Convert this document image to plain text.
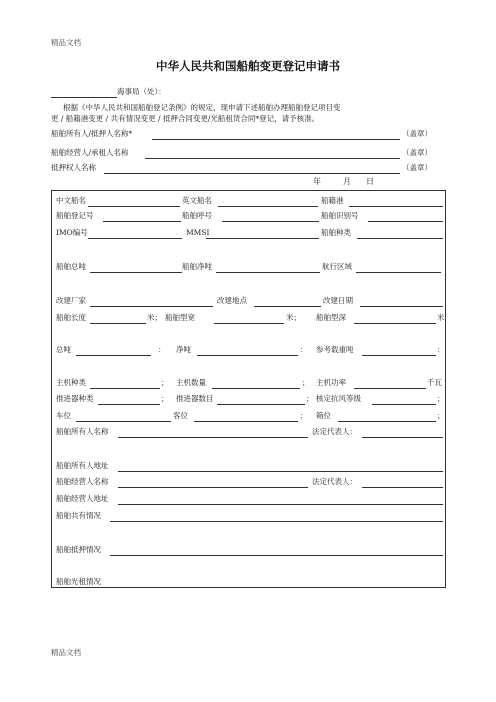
精品文档
中华人民共和国船舶变更登记申请书
海事局（处）：
根据《中华人民共和国船舶登记条例》的规定，现申请下述船舶办理船舶登记项目变
更 / 船籍港变更 / 共有情况变更 / 抵押合同变更/光船租赁合同*登记，请予核准。
船舶所有人/抵押人名称*	（盖章）
船舶经营人/承租人名称	（盖章）
抵押权人名称	（盖章）
年	月 日
中文船名	英文船名	船籍港
船舶登记号	船舶呼号	船舶识别号
IMO编号	MMSI	船舶种类
船舶总吨	船舶净吨	航行区域
改建厂家	改建地点	改建日期
船舶长度	米； 船舶型宽	米； 船舶型深	米
总吨	： 净吨	： 参考载重吨	：
主机种类	； 主机数量	； 主机功率	千瓦
推进器种类	； 推进器数目	； 核定抗风等级	；
车位	客位	； 箱位	；
船舶所有人名称	法定代表人：
船舶所有人地址
船舶经营人名称	法定代表人：
船舶经营人地址
船舶共有情况
船舶抵押情况
船舶光租情况
精品文档
